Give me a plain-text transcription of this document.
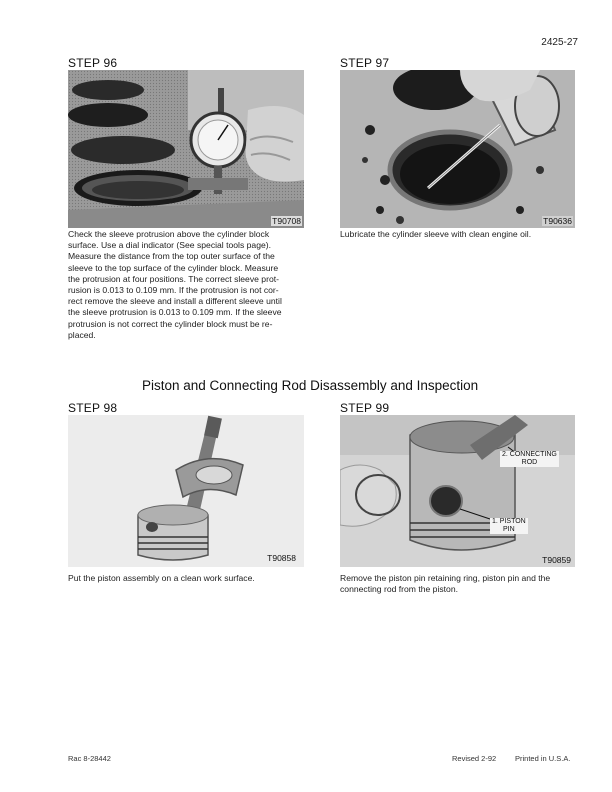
2425-27
STEP 96
T90708
Check the sleeve protrusion above the cylinder block
surface. Use a dial indicator (See special tools page).
Measure the distance from the top outer surface of the
sleeve to the top surface of the cylinder block. Measure
the protrusion at four positions. The correct sleeve prot-
rusion is 0.013 to 0.109 mm. If the protrusion is not cor-
rect remove the sleeve and install a different sleeve until
the sleeve protrusion is 0.013 to 0.109 mm. If the sleeve
protrusion is not correct the cylinder block must be re-
placed.
STEP 97
T90636
Lubricate the cylinder sleeve with clean engine oil.
Piston and Connecting Rod Disassembly and Inspection
STEP 98
T90858
Put the piston assembly on a clean work surface.
STEP 99
2. CONNECTING
ROD
1. PISTON
PIN
T90859
Remove the piston pin retaining ring, piston pin and the
connecting rod from the piston.
Rac 8-28442	Revised 2-92	Printed in U.S.A.
